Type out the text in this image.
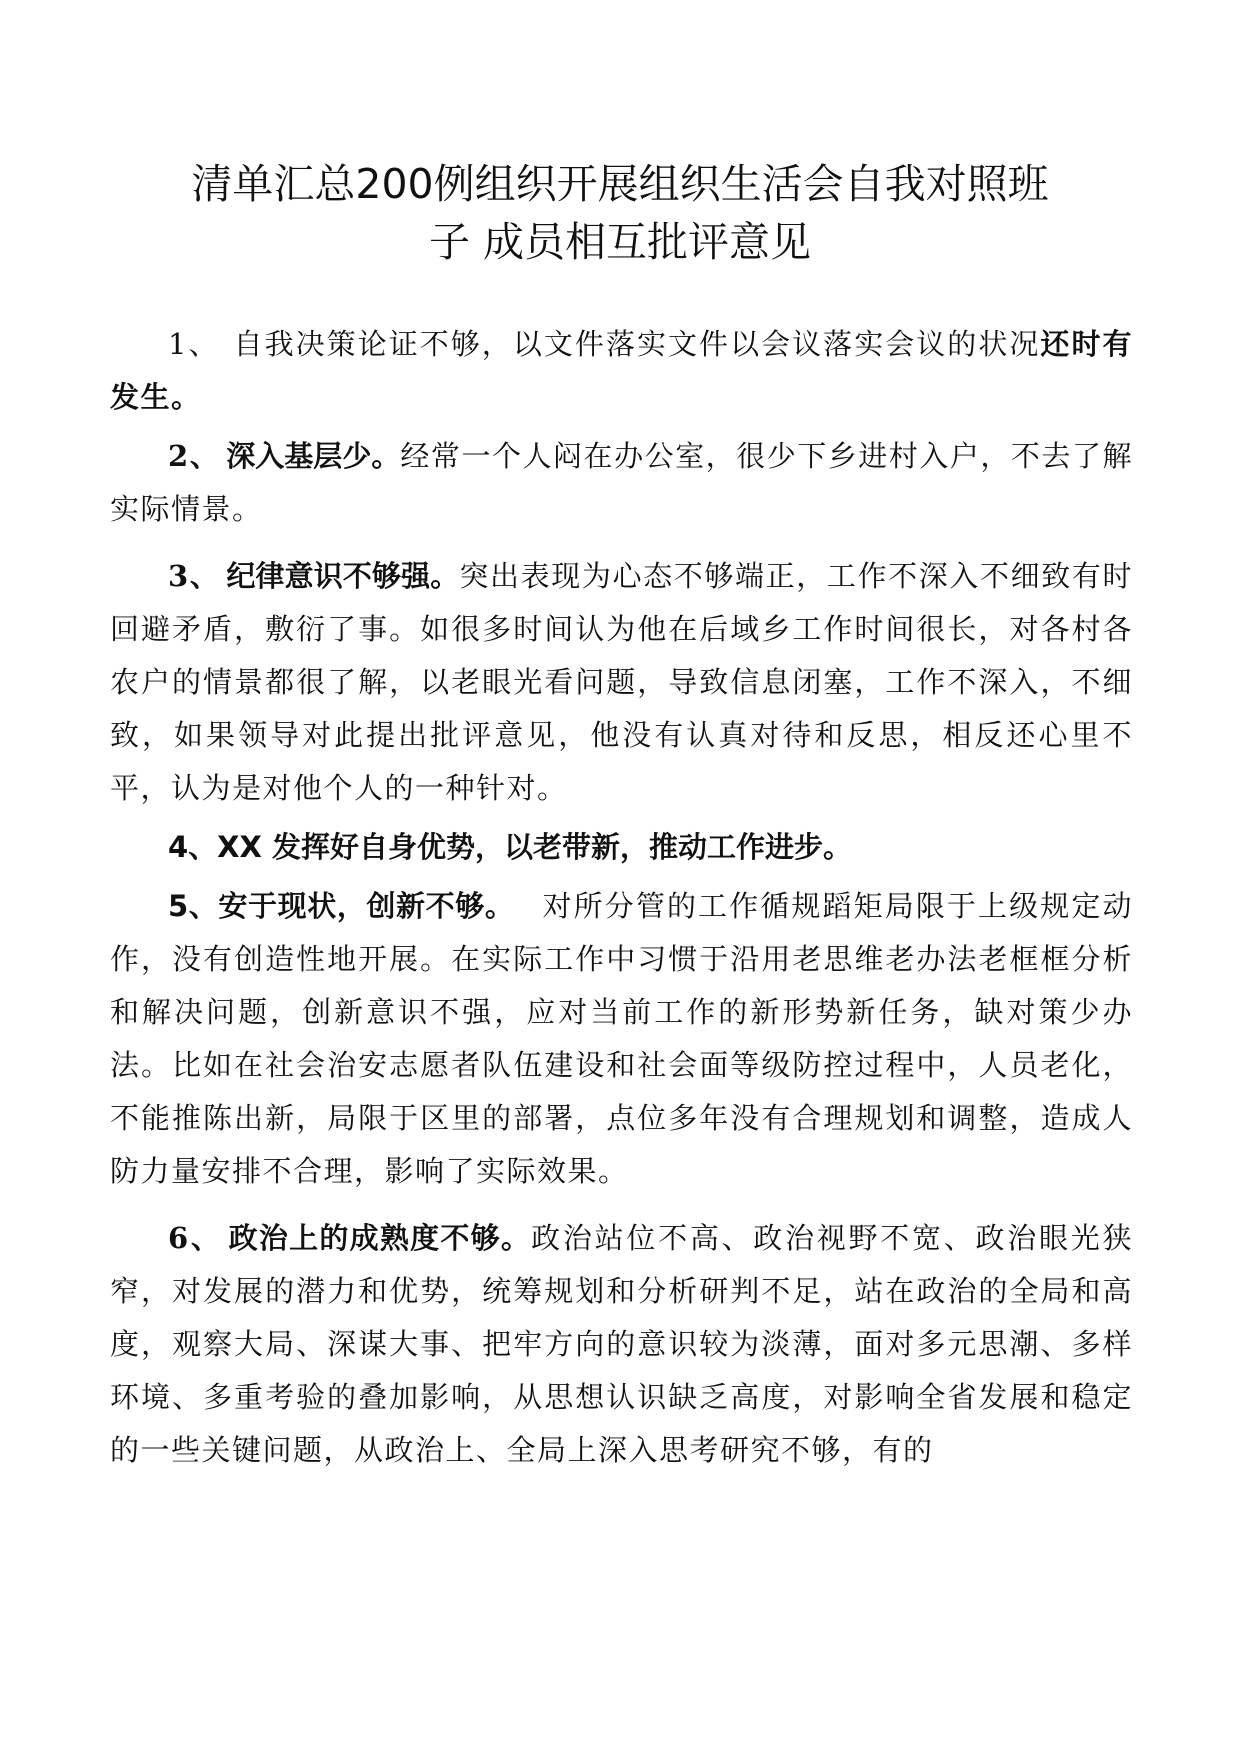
清单汇总200例组织开展组织生活会自我对照班
子 成员相互批评意见

1、 自我决策论证不够，以文件落实文件以会议落实会议的状况还时有发生。

2、 深入基层少。经常一个人闷在办公室，很少下乡进村入户，不去了解实际情景。

3、 纪律意识不够强。突出表现为心态不够端正，工作不深入不细致有时回避矛盾，敷衍了事。如很多时间认为他在后域乡工作时间很长，对各村各农户的情景都很了解，以老眼光看问题，导致信息闭塞，工作不深入，不细致，如果领导对此提出批评意见，他没有认真对待和反思，相反还心里不平，认为是对他个人的一种针对。

4、XX 发挥好自身优势，以老带新，推动工作进步。

5、安于现状，创新不够。 对所分管的工作循规蹈矩局限于上级规定动作，没有创造性地开展。在实际工作中习惯于沿用老思维老办法老框框分析和解决问题，创新意识不强，应对当前工作的新形势新任务，缺对策少办法。比如在社会治安志愿者队伍建设和社会面等级防控过程中，人员老化，不能推陈出新，局限于区里的部署，点位多年没有合理规划和调整，造成人防力量安排不合理，影响了实际效果。

6、 政治上的成熟度不够。政治站位不高、政治视野不宽、政治眼光狭窄，对发展的潜力和优势，统筹规划和分析研判不足，站在政治的全局和高度，观察大局、深谋大事、把牢方向的意识较为淡薄，面对多元思潮、多样环境、多重考验的叠加影响，从思想认识缺乏高度，对影响全省发展和稳定的一些关键问题，从政治上、全局上深入思考研究不够，有的
